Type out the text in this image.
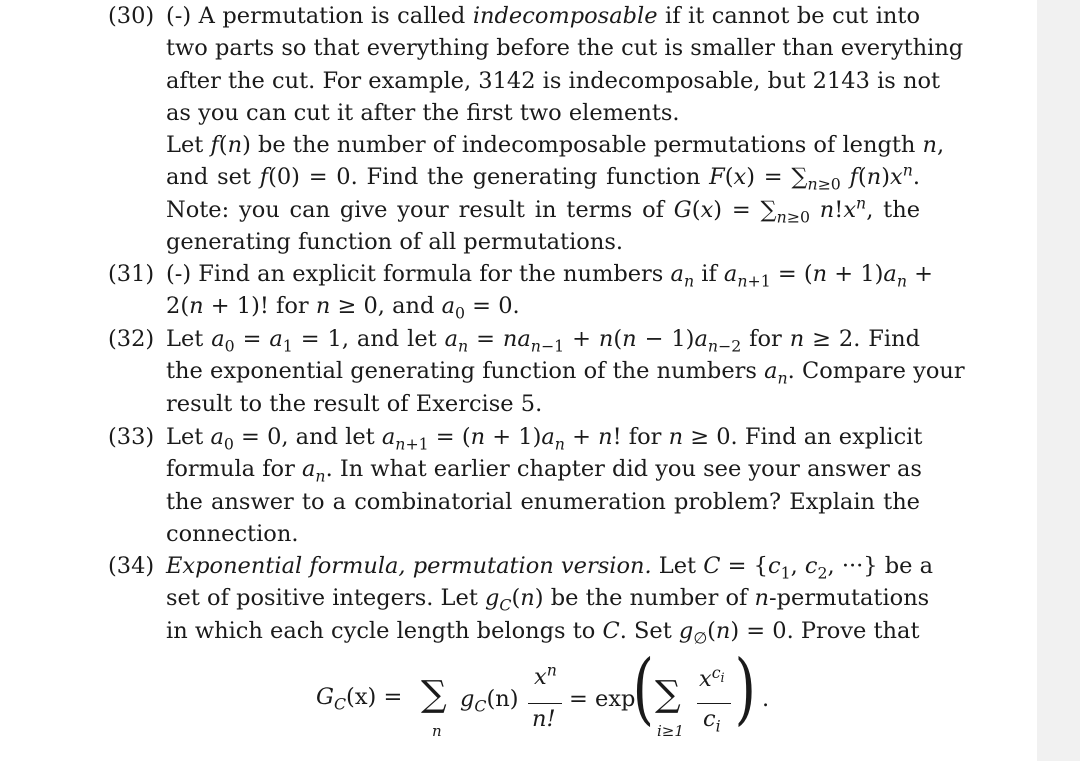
(30) (-) A permutation is called indecomposable if it cannot be cut into
two parts so that everything before the cut is smaller than everything
after the cut. For example, 3142 is indecomposable, but 2143 is not
as you can cut it after the first two elements.
Let f(n) be the number of indecomposable permutations of length n,
and set f(0) = 0. Find the generating function $F(x) = \sum_{n\ge 0}$ $f(n)x^n$.
Note: you can give your result in terms of $G(x) = \sum_{n\ge 0}$ $n!x^n$, the
generating function of all permutations.
(31) (-) Find an explicit formula for the numbers $a_n$ if $a_{n+1} = (n + 1)a_n$ +
2(n + 1)! for n ≥ 0, and $a_0 = 0$.
(32) Let $a_0 = a_1 = 1$, and let $a_n = na_{n-1} + n(n - 1)a_{n-2}$ for n ≥ 2. Find
the exponential generating function of the numbers $a_n$. Compare your
result to the result of Exercise 5.
(33) Let $a_0 = 0$, and let $a_{n+1} = (n + 1)a_n + n$! for n ≥ 0. Find an explicit
formula for $a_n$. In what earlier chapter did you see your answer as
the answer to a combinatorial enumeration problem? Explain the
connection.
(34) Exponential formula, permutation version. Let $C = \{c_1$, $c_2$, ···} be a
set of positive integers. Let $g_C(n)$ be the number of n-permutations
in which each cycle length belongs to C. Set $g_\emptyset(n) = 0$. Prove that
$G_C(x)$ = ∑
n
$g_C(n)$
$x^n$
n!
= exp
( ∑
i≥1
$x^{c_i}$
$c_i$ ) .
